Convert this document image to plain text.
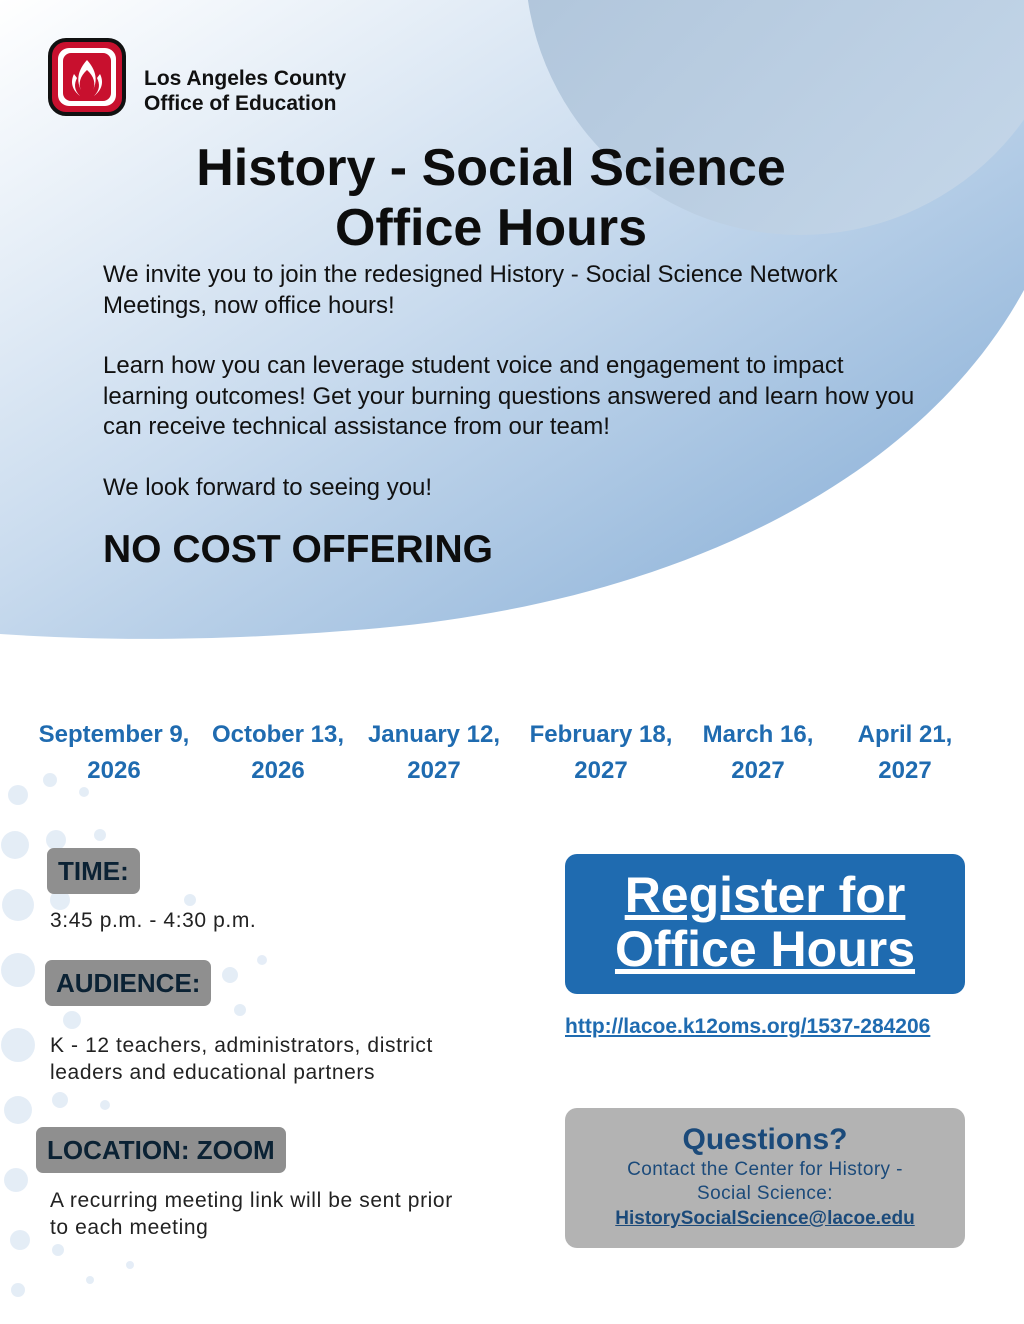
Los Angeles County
Office of Education
History - Social Science
Office Hours

We invite you to join the redesigned History - Social Science Network Meetings, now office hours!

Learn how you can leverage student voice and engagement to impact learning outcomes! Get your burning questions answered and learn how you can receive technical assistance from our team!

We look forward to seeing you!

NO COST OFFERING
September 9,
2026
October 13,
2026
January 12,
2027
February 18,
2027
March 16,
2027
April 21,
2027
TIME:
3:45 p.m. - 4:30 p.m.
AUDIENCE:
K - 12 teachers, administrators, district
leaders and educational partners
LOCATION: ZOOM
A recurring meeting link will be sent prior
to each meeting
Register for
Office Hours
http://lacoe.k12oms.org/1537-284206
Questions?
Contact the Center for History -
Social Science:
HistorySocialScience@lacoe.edu
